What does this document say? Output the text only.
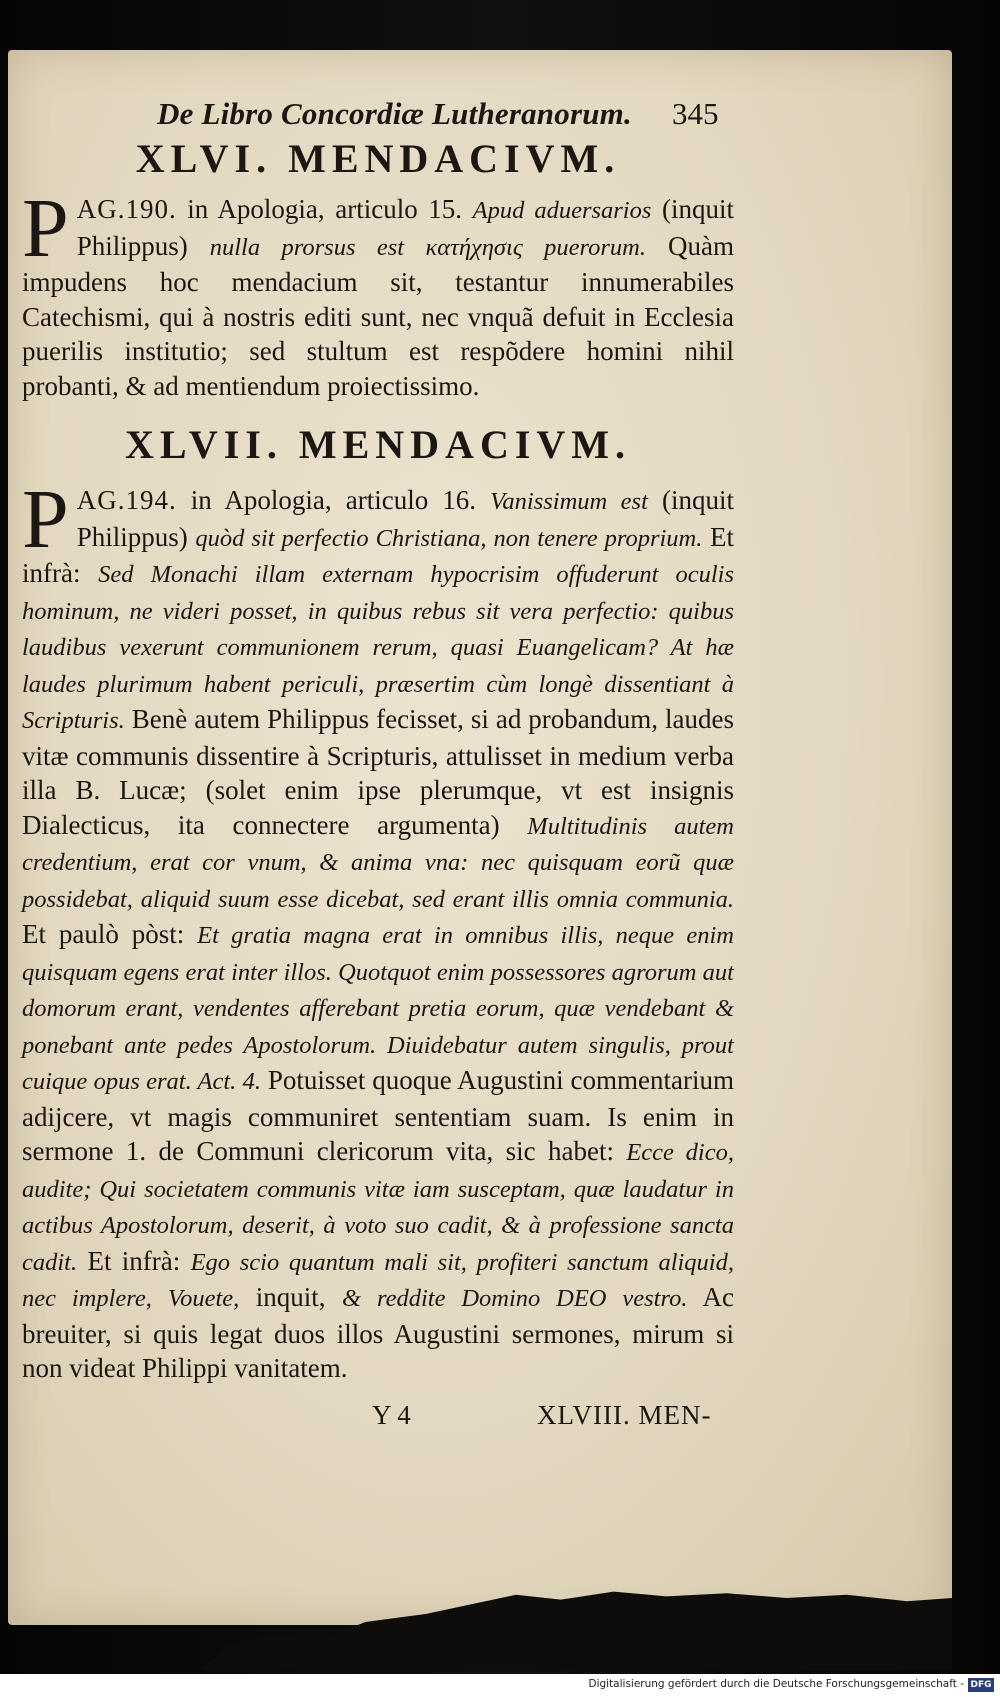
De Libro Concordiæ Lutheranorum. 345
XLVI. MENDACIVM.

P AG.190. in Apologia, articulo 15. Apud aduersarios (inquit Philippus) nulla prorsus est κατήχησις puerorum. Quàm impudens hoc mendacium sit, testantur innumerabiles Catechismi, qui à nostris editi sunt, nec vnquã defuit in Ecclesia puerilis institutio; sed stultum est respõdere homini nihil probanti, & ad mentiendum proiectissimo.

XLVII. MENDACIVM.

P AG.194. in Apologia, articulo 16. Vanissimum est (inquit Philippus) quòd sit perfectio Christiana, non tenere proprium. Et infrà: Sed Monachi illam externam hypocrisim offuderunt oculis hominum, ne videri posset, in quibus rebus sit vera perfectio: quibus laudibus vexerunt communionem rerum, quasi Euangelicam? At hæ laudes plurimum habent periculi, præsertim cùm longè dissentiant à Scripturis. Benè autem Philippus fecisset, si ad probandum, laudes vitæ communis dissentire à Scripturis, attulisset in medium verba illa B. Lucæ; (solet enim ipse plerumque, vt est insignis Dialecticus, ita connectere argumenta) Multitudinis autem credentium, erat cor vnum, & anima vna: nec quisquam eorũ quæ possidebat, aliquid suum esse dicebat, sed erant illis omnia communia. Et paulò pòst: Et gratia magna erat in omnibus illis, neque enim quisquam egens erat inter illos. Quotquot enim possessores agrorum aut domorum erant, vendentes afferebant pretia eorum, quæ vendebant & ponebant ante pedes Apostolorum. Diuidebatur autem singulis, prout cuique opus erat. Act. 4. Potuisset quoque Augustini commentarium adijcere, vt magis communiret sententiam suam. Is enim in sermone 1. de Communi clericorum vita, sic habet: Ecce dico, audite; Qui societatem communis vitæ iam susceptam, quæ laudatur in actibus Apostolorum, deserit, à voto suo cadit, & à professione sancta cadit. Et infrà: Ego scio quantum mali sit, profiteri sanctum aliquid, nec implere, Vouete, inquit, & reddite Domino DEO vestro. Ac breuiter, si quis legat duos illos Augustini sermones, mirum si non videat Philippi vanitatem.

Y 4	XLVIII. MEN-
Digitalisierung gefördert durch die Deutsche Forschungsgemeinschaft - DFG
